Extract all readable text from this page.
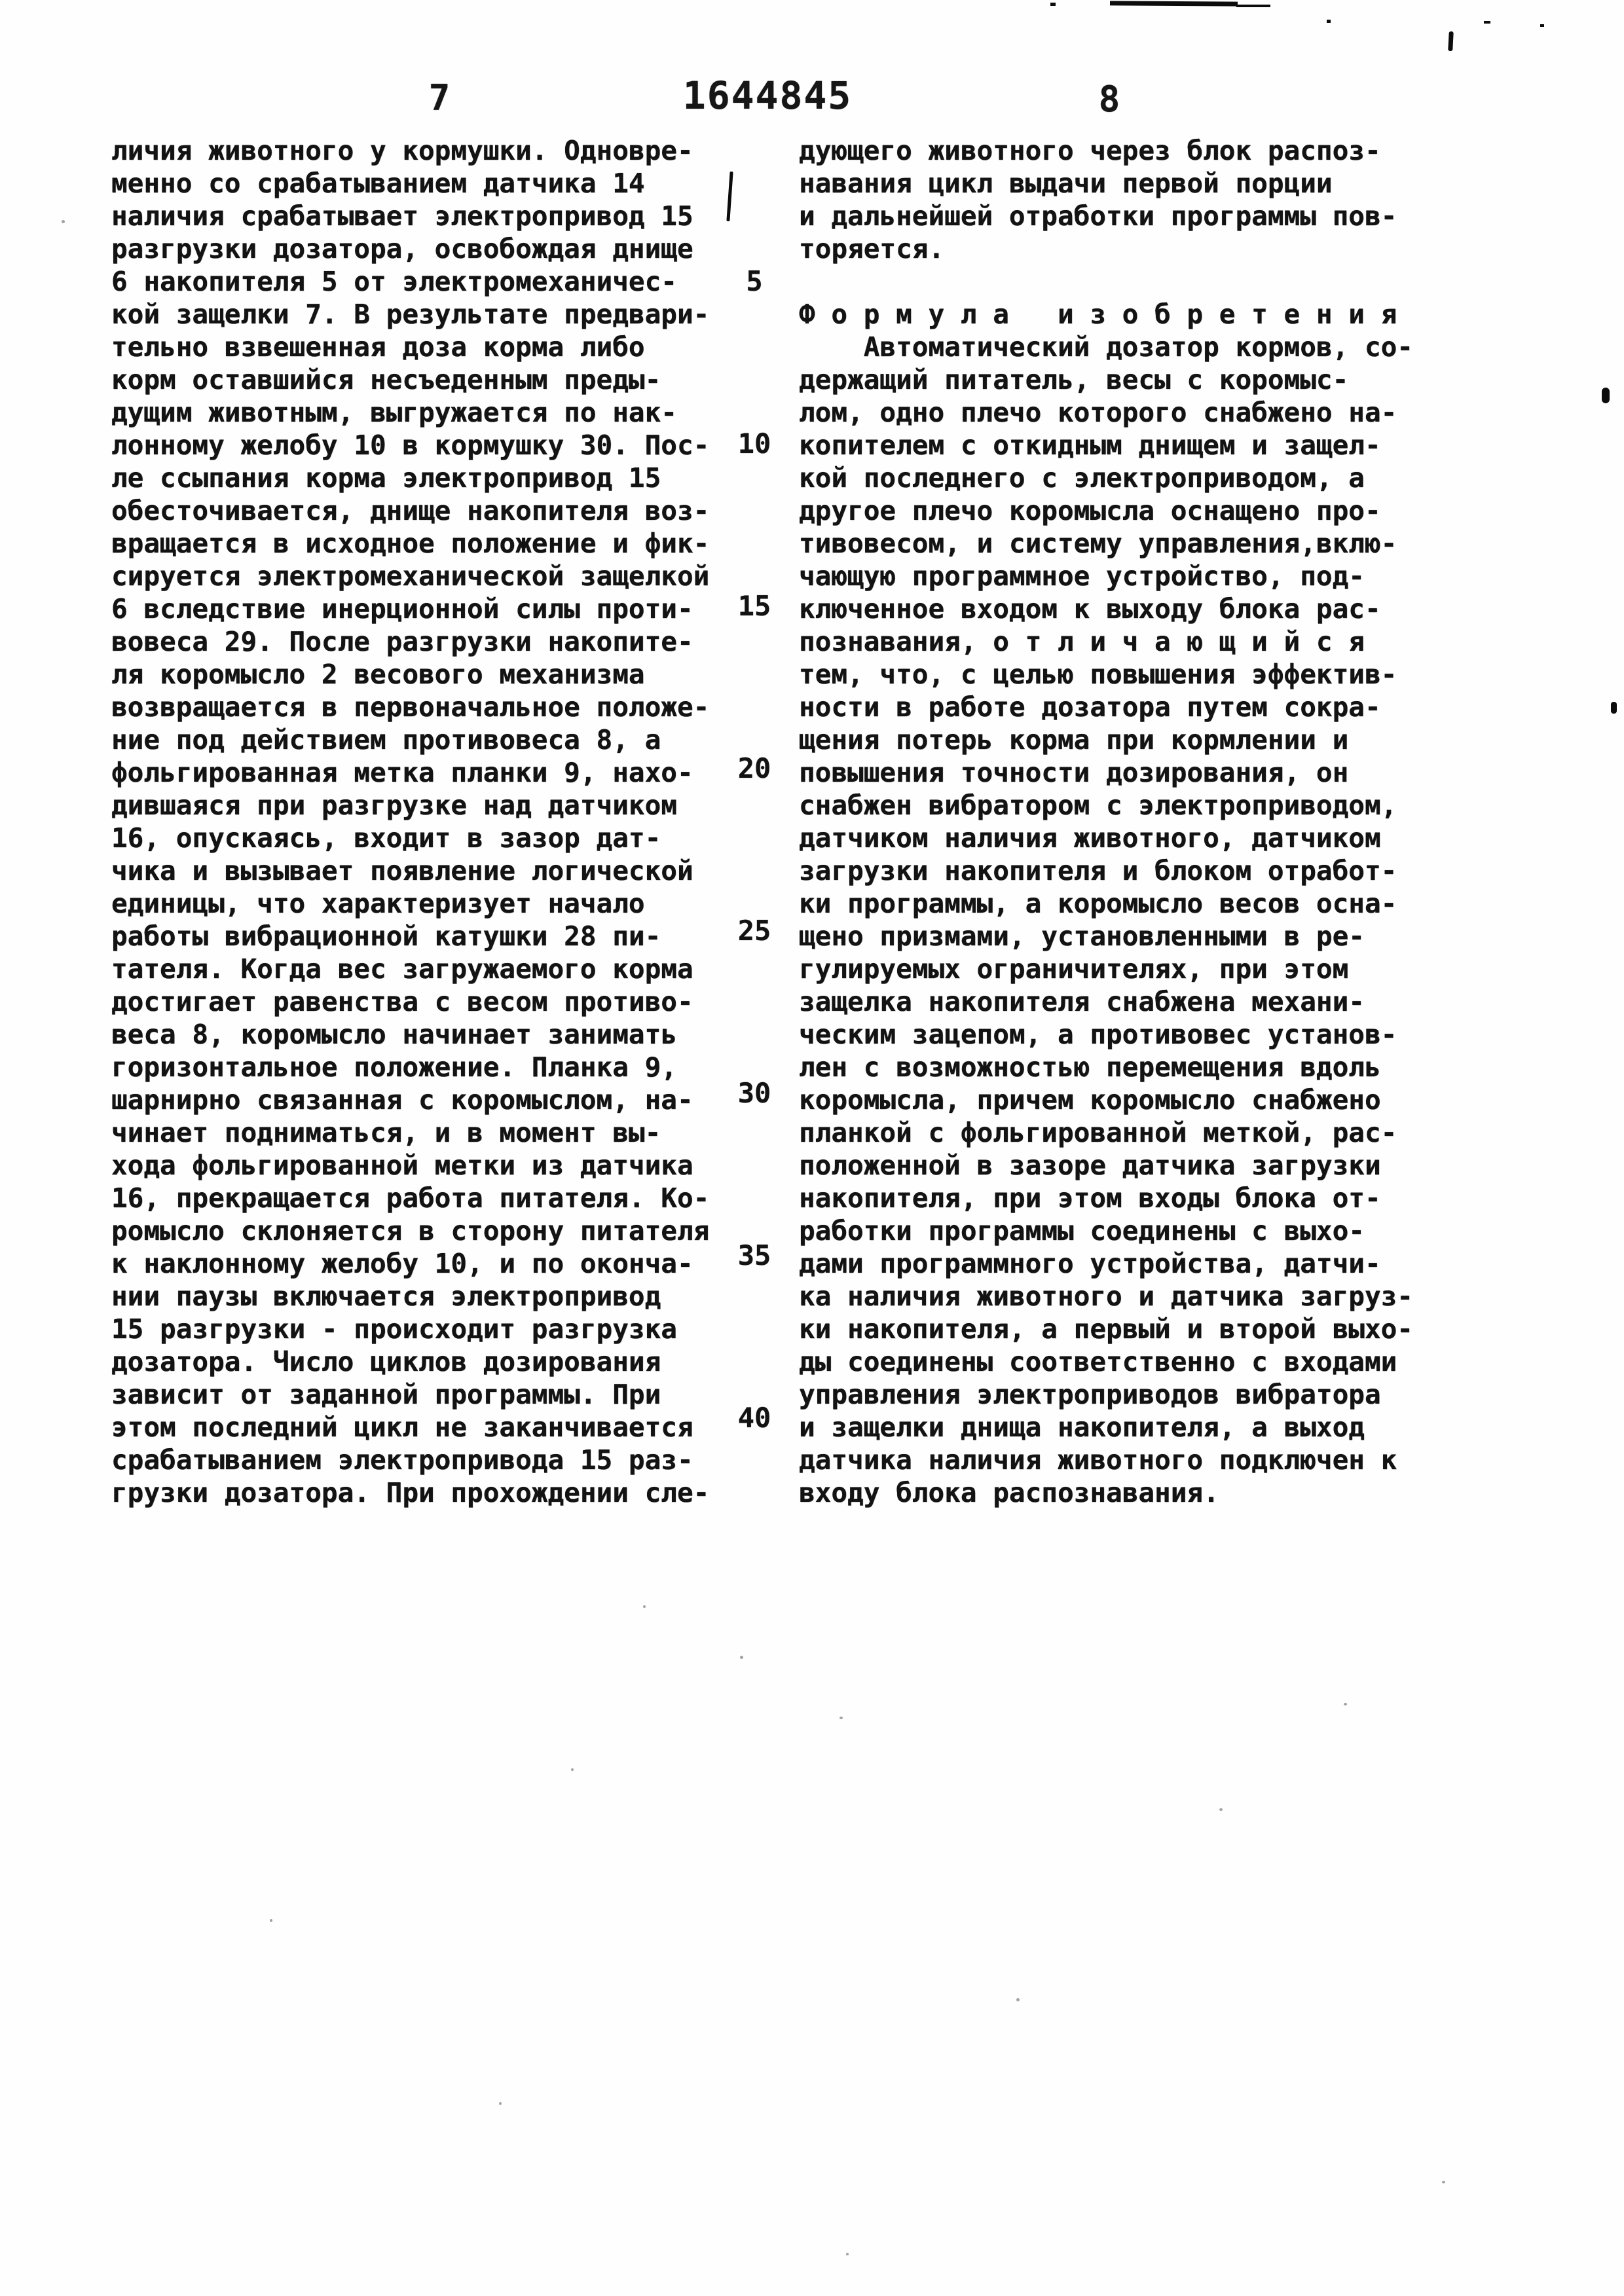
7	1644845	8
личия животного у кормушки. Одновре-
менно со срабатыванием датчика 14
наличия срабатывает электропривод 15
разгрузки дозатора, освобождая днище
6 накопителя 5 от электромеханичес-
кой защелки 7. В результате предвари-
тельно взвешенная доза корма либо
корм оставшийся несъеденным преды-
дущим животным, выгружается по нак-
лонному желобу 10 в кормушку 30. Пос-
ле ссыпания корма электропривод 15
обесточивается, днище накопителя воз-
вращается в исходное положение и фик-
сируется электромеханической защелкой
6 вследствие инерционной силы проти-
вовеса 29. После разгрузки накопите-
ля коромысло 2 весового механизма
возвращается в первоначальное положе-
ние под действием противовеса 8, а
фольгированная метка планки 9, нахо-
дившаяся при разгрузке над датчиком
16, опускаясь, входит в зазор дат-
чика и вызывает появление логической
единицы, что характеризует начало
работы вибрационной катушки 28 пи-
тателя. Когда вес загружаемого корма
достигает равенства с весом противо-
веса 8, коромысло начинает занимать
горизонтальное положение. Планка 9,
шарнирно связанная с коромыслом, на-
чинает подниматься, и в момент вы-
хода фольгированной метки из датчика
16, прекращается работа питателя. Ко-
ромысло склоняется в сторону питателя
к наклонному желобу 10, и по оконча-
нии паузы включается электропривод
15 разгрузки - происходит разгрузка
дозатора. Число циклов дозирования
зависит от заданной программы. При
этом последний цикл не заканчивается
срабатыванием электропривода 15 раз-
грузки дозатора. При прохождении сле-
5
10
15
20
25
30
35
40
дующего животного через блок распоз-
навания цикл выдачи первой порции
и дальнейшей отработки программы пов-
торяется.
Ф о р м у л а   и з о б р е т е н и я
Автоматический дозатор кормов, со-
держащий питатель, весы с коромыс-
лом, одно плечо которого снабжено на-
копителем с откидным днищем и защел-
кой последнего с электроприводом, а
другое плечо коромысла оснащено про-
тивовесом, и систему управления,вклю-
чающую программное устройство, под-
ключенное входом к выходу блока рас-
познавания, о т л и ч а ю щ и й с я
тем, что, с целью повышения эффектив-
ности в работе дозатора путем сокра-
щения потерь корма при кормлении и
повышения точности дозирования, он
снабжен вибратором с электроприводом,
датчиком наличия животного, датчиком
загрузки накопителя и блоком отработ-
ки программы, а коромысло весов осна-
щено призмами, установленными в ре-
гулируемых ограничителях, при этом
защелка накопителя снабжена механи-
ческим зацепом, а противовес установ-
лен с возможностью перемещения вдоль
коромысла, причем коромысло снабжено
планкой с фольгированной меткой, рас-
положенной в зазоре датчика загрузки
накопителя, при этом входы блока от-
работки программы соединены с выхо-
дами программного устройства, датчи-
ка наличия животного и датчика загруз-
ки накопителя, а первый и второй выхо-
ды соединены соответственно с входами
управления электроприводов вибратора
и защелки днища накопителя, а выход
датчика наличия животного подключен к
входу блока распознавания.
